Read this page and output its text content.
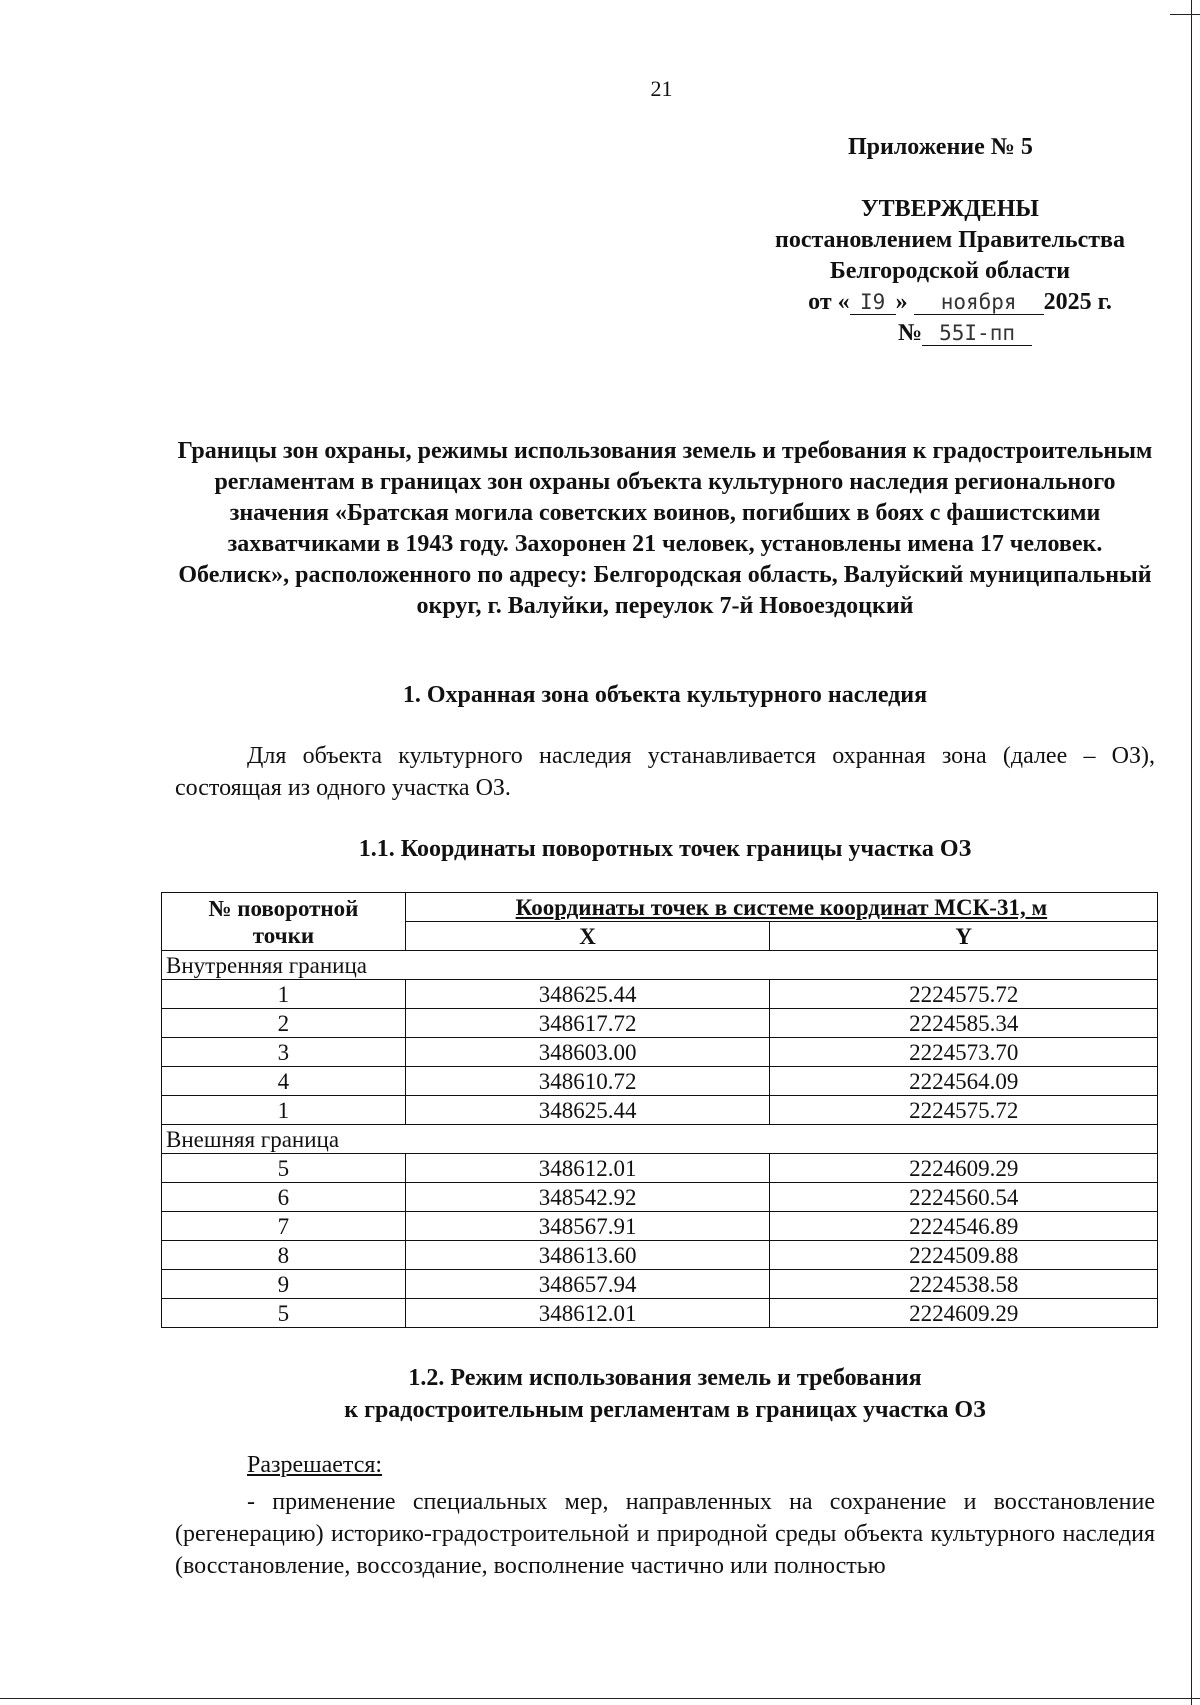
21
Приложение № 5
УТВЕРЖДЕНЫ
постановлением Правительства
Белгородской области
от « I9 » ноября 2025 г.
№ 55I-пп
Границы зон охраны, режимы использования земель и требования к градостроительным регламентам в границах зон охраны объекта культурного наследия регионального значения «Братская могила советских воинов, погибших в боях с фашистскими захватчиками в 1943 году. Захоронен 21 человек, установлены имена 17 человек. Обелиск», расположенного по адресу: Белгородская область, Валуйский муниципальный округ, г. Валуйки, переулок 7-й Новоездоцкий
1. Охранная зона объекта культурного наследия
Для объекта культурного наследия устанавливается охранная зона (далее – ОЗ), состоящая из одного участка ОЗ.
1.1. Координаты поворотных точек границы участка ОЗ
№ поворотной
точки	Координаты точек в системе координат МСК-31, м	
	X	Y
Внутренняя граница		
1	348625.44	2224575.72
2	348617.72	2224585.34
3	348603.00	2224573.70
4	348610.72	2224564.09
1	348625.44	2224575.72
Внешняя граница		
5	348612.01	2224609.29
6	348542.92	2224560.54
7	348567.91	2224546.89
8	348613.60	2224509.88
9	348657.94	2224538.58
5	348612.01	2224609.29
1.2. Режим использования земель и требования
к градостроительным регламентам в границах участка ОЗ
Разрешается:
- применение специальных мер, направленных на сохранение и восстановление (регенерацию) историко-градостроительной и природной среды объекта культурного наследия (восстановление, воссоздание, восполнение частично или полностью
